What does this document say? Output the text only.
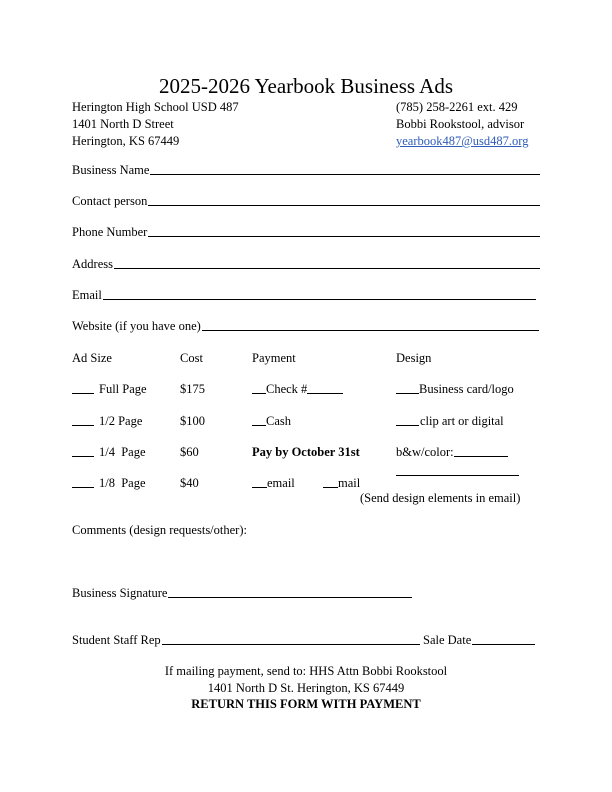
2025-2026 Yearbook Business Ads
Herington High School USD 487
1401 North D Street
Herington, KS 67449
(785) 258-2261 ext. 429
Bobbi Rookstool, advisor
yearbook487@usd487.org
Business Name
Contact person
Phone Number
Address
Email
Website (if you have one)
Ad Size	Cost	Payment	Design
Full Page	$175	Check #	Business card/logo
1/2 Page	$100	Cash	clip art or digital
1/4  Page	$60	Pay by October 31st	b&w/color:
1/8  Page	$40	email	mail
(Send design elements in email)
Comments (design requests/other):
Business Signature
Student Staff Rep	Sale Date
If mailing payment, send to: HHS Attn Bobbi Rookstool
1401 North D St. Herington, KS 67449
RETURN THIS FORM WITH PAYMENT
